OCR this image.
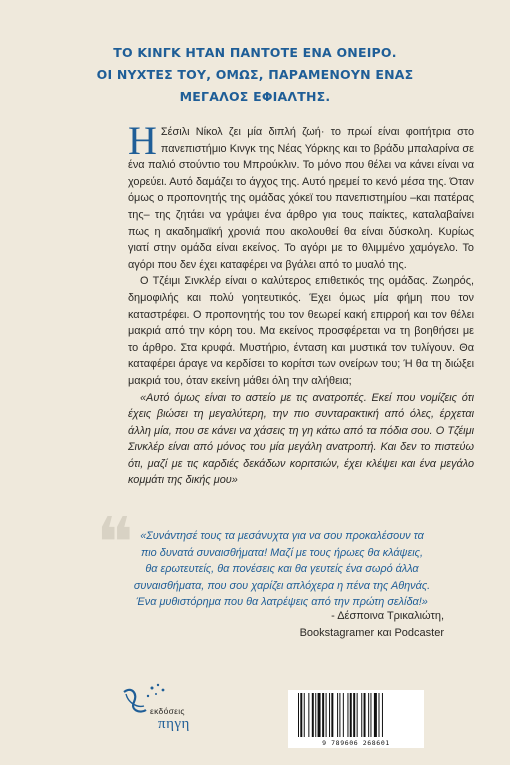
ΤΟ ΚΙΝΓΚ ΗΤΑΝ ΠΑΝΤΟΤΕ ΕΝΑ ΟΝΕΙΡΟ.
ΟΙ ΝΥΧΤΕΣ ΤΟΥ, ΟΜΩΣ, ΠΑΡΑΜΕΝΟΥΝ ΕΝΑΣ
ΜΕΓΑΛΟΣ ΕΦΙΑΛΤΗΣ.

Η Σέσιλι Νίκολ ζει μία διπλή ζωή· το πρωί είναι φοιτήτρια στο πανεπιστήμιο Κινγκ της Νέας Υόρκης και το βράδυ μπαλαρίνα σε ένα παλιό στούντιο του Μπρούκλιν. Το μόνο που θέλει να κάνει είναι να χορεύει. Αυτό δαμάζει το άγχος της. Αυτό ηρεμεί το κενό μέσα της. Όταν όμως ο προπονητής της ομάδας χόκεϊ του πανεπιστημίου –και πατέρας της– της ζητάει να γράψει ένα άρθρο για τους παίκτες, καταλαβαίνει πως η ακαδημαϊκή χρονιά που ακολουθεί θα είναι δύσκολη. Κυρίως γιατί στην ομάδα είναι εκείνος. Το αγόρι με το θλιμμένο χαμόγελο. Το αγόρι που δεν έχει καταφέρει να βγάλει από το μυαλό της.

Ο Τζέιμι Σινκλέρ είναι ο καλύτερος επιθετικός της ομάδας. Ζωηρός, δημοφιλής και πολύ γοητευτικός. Έχει όμως μία φήμη που τον καταστρέφει. Ο προπονητής του τον θεωρεί κακή επιρροή και τον θέλει μακριά από την κόρη του. Μα εκείνος προσφέρεται να τη βοηθήσει με το άρθρο. Στα κρυφά. Μυστήριο, ένταση και μυστικά τον τυλίγουν. Θα καταφέρει άραγε να κερδίσει το κορίτσι των ονείρων του; Ή θα τη διώξει μακριά του, όταν εκείνη μάθει όλη την αλήθεια;

«Αυτό όμως είναι το αστείο με τις ανατροπές. Εκεί που νομίζεις ότι έχεις βιώσει τη μεγαλύτερη, την πιο συνταρακτική από όλες, έρχεται άλλη μία, που σε κάνει να χάσεις τη γη κάτω από τα πόδια σου. Ο Τζέιμι Σινκλέρ είναι από μόνος του μία μεγάλη ανατροπή. Και δεν το πιστεύω ότι, μαζί με τις καρδιές δεκάδων κοριτσιών, έχει κλέψει και ένα μεγάλο κομμάτι της δικής μου»

❝ «Συνάντησέ τους τα μεσάνυχτα για να σου προκαλέσουν τα
πιο δυνατά συναισθήματα! Μαζί με τους ήρωες θα κλάψεις,
θα ερωτευτείς, θα πονέσεις και θα γευτείς ένα σωρό άλλα
συναισθήματα, που σου χαρίζει απλόχερα η πένα της Αθηνάς.
Ένα μυθιστόρημα που θα λατρέψεις από την πρώτη σελίδα!»
- Δέσποινα Τρικαλιώτη,
Bookstagramer και Podcaster
εκδόσεις
πηγη
9 789606 268601
